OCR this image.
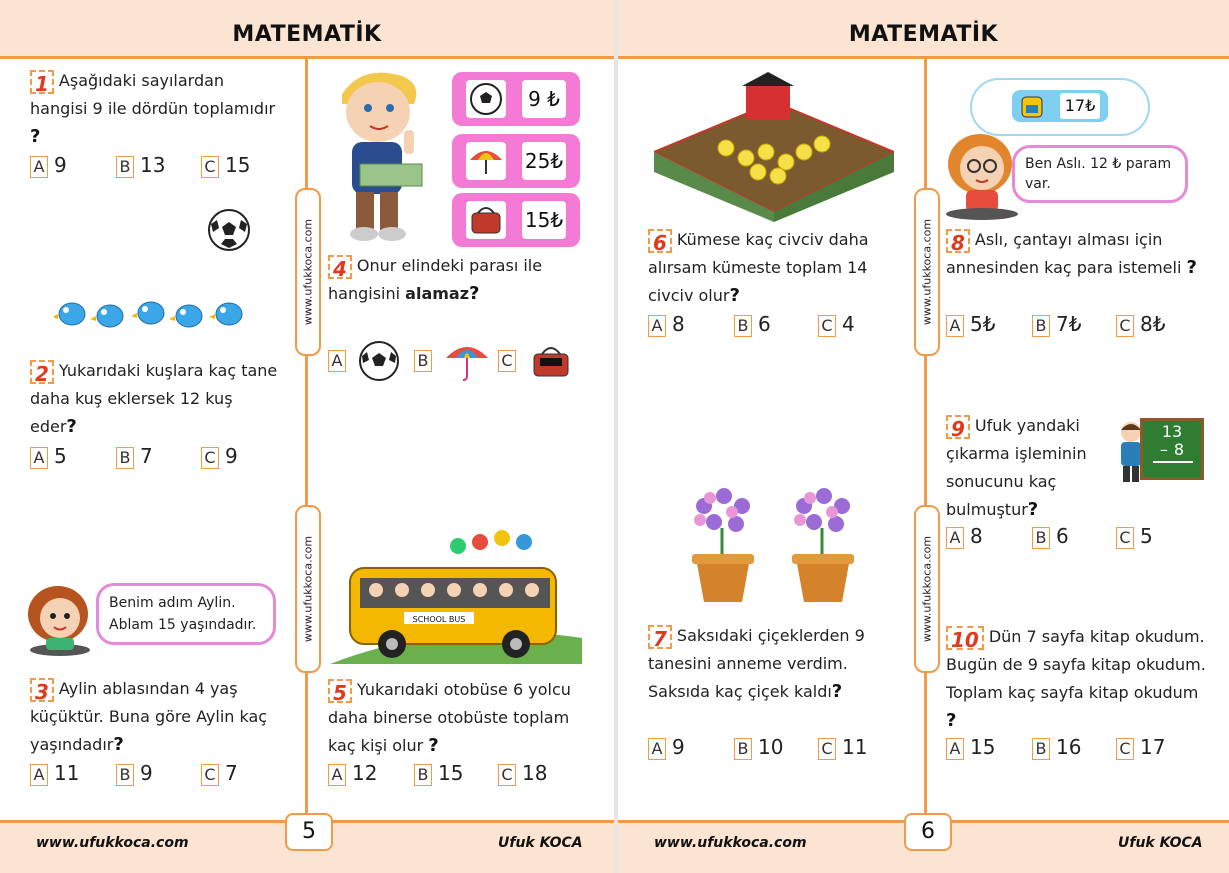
MATEMATİK
www.ufukkoca.com
www.ufukkoca.com
1 Aşağıdaki sayılardan hangisi 9 ile dördün toplamıdır ?
A 9	B 13 C 15
2 Yukarıdaki kuşlara kaç tane daha kuş eklersek 12 kuş eder?
A 5	B 7	C 9
Benim adım Aylin.
Ablam 15 yaşındadır.
3 Aylin ablasından 4 yaş küçüktür. Buna göre Aylin kaç yaşındadır?
A 11	B 9	C 7
9 ₺
25₺
15₺
4 Onur elindeki parası ile hangisini alamaz?
A	B	C
SCHOOL BUS
5 Yukarıdaki otobüse 6 yolcu daha binerse otobüste toplam kaç kişi olur ?
A 12	B 15 C 18
www.ufukkoca.com	5	Ufuk KOCA
MATEMATİK
www.ufukkoca.com
www.ufukkoca.com
6 Kümese kaç civciv daha alırsam kümeste toplam 14 civciv olur?
A 8	B 6	C 4
7 Saksıdaki çiçeklerden 9 tanesini anneme verdim. Saksıda kaç çiçek kaldı?
A 9	B 10 C 11
17₺
Ben Aslı. 12 ₺ param var.
8 Aslı, çantayı alması için annesinden kaç para istemeli ?
A 5₺	B 7₺ C 8₺
13
– 8
9 Ufuk yandaki çıkarma işleminin sonucunu kaç bulmuştur?
A 8	B 6	C 5
10 Dün 7 sayfa kitap okudum. Bugün de 9 sayfa kitap okudum. Toplam kaç sayfa kitap okudum ?
A 15	B 16 C 17
www.ufukkoca.com	6	Ufuk KOCA
